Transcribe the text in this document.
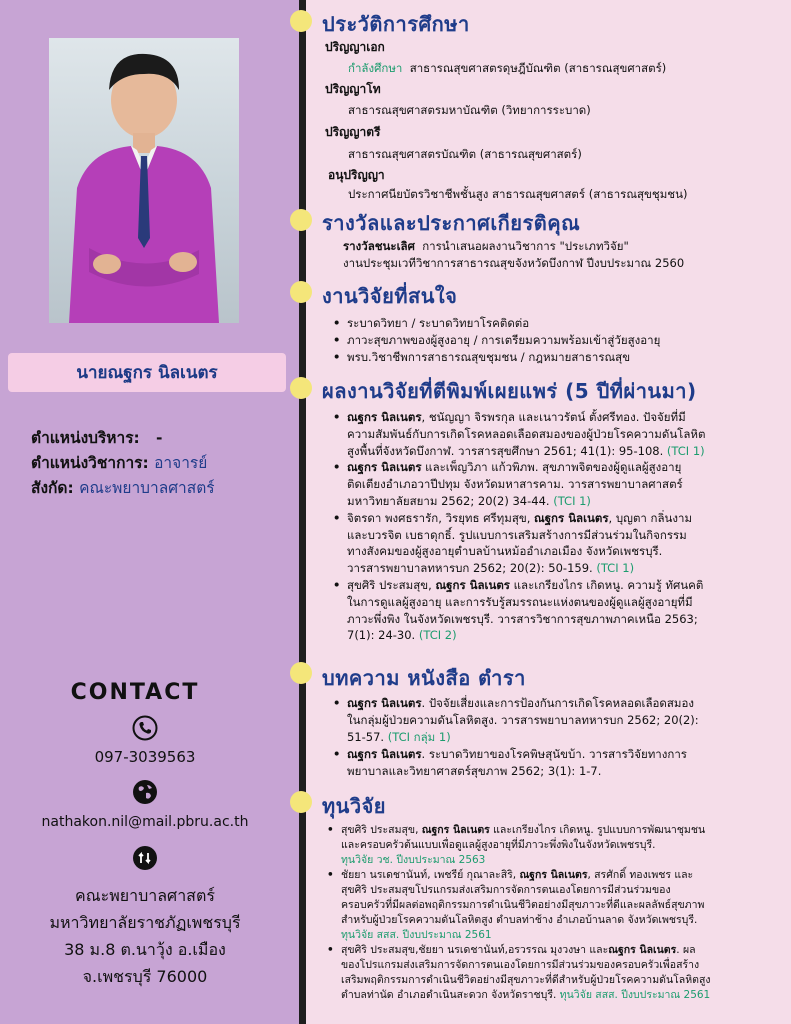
นายณฐกร นิลเนตร
ตำแหน่งบริหาร: -
ตำแหน่งวิชาการ: อาจารย์
สังกัด: คณะพยาบาลศาสตร์
CONTACT
097-3039563
nathakon.nil@mail.pbru.ac.th
คณะพยาบาลศาสตร์
มหาวิทยาลัยราชภัฏเพชรบุรี
38 ม.8 ต.นาวุ้ง อ.เมือง
จ.เพชรบุรี 76000
ประวัติการศึกษา
ปริญญาเอก
กำลังศึกษา สาธารณสุขศาสตรดุษฎีบัณฑิต (สาธารณสุขศาสตร์)
ปริญญาโท
สาธารณสุขศาสตรมหาบัณฑิต (วิทยาการระบาด)
ปริญญาตรี
สาธารณสุขศาสตรบัณฑิต (สาธารณสุขศาสตร์)
อนุปริญญา
ประกาศนียบัตรวิชาชีพชั้นสูง สาธารณสุขศาสตร์ (สาธารณสุขชุมชน)
รางวัลและประกาศเกียรติคุณ
รางวัลชนะเลิศ การนำเสนอผลงานวิชาการ "ประเภทวิจัย"
งานประชุมเวทีวิชาการสาธารณสุขจังหวัดบึงกาฬ ปีงบประมาณ 2560
งานวิจัยที่สนใจ
• ระบาดวิทยา / ระบาดวิทยาโรคติดต่อ
• ภาวะสุขภาพของผู้สูงอายุ / การเตรียมความพร้อมเข้าสู่วัยสูงอายุ
• พรบ.วิชาชีพการสาธารณสุขชุมชน / กฎหมายสาธารณสุข
ผลงานวิจัยที่ตีพิมพ์เผยแพร่ (5 ปีที่ผ่านมา)
• ณฐกร นิลเนตร, ชนัญญา จิรพรกุล และเนาวรัตน์ ตั้งศรีทอง. ปัจจัยที่มี
ความสัมพันธ์กับการเกิดโรคหลอดเลือดสมองของผู้ป่วยโรคความดันโลหิต
สูงพื้นที่จังหวัดบึงกาฬ. วารสารสุขศึกษา 2561; 41(1): 95-108. (TCI 1)
• ณฐกร นิลเนตร และเพ็ญวิภา แก้วพิภพ. สุขภาพจิตของผู้ดูแลผู้สูงอายุ
ติดเตียงอำเภอวาปีปทุม จังหวัดมหาสารคาม. วารสารพยาบาลศาสตร์
มหาวิทยาลัยสยาม 2562; 20(2) 34-44. (TCI 1)
• จิตรดา พงศธรารัก, วิรยุทธ ศรีทุมสุข, ณฐกร นิลเนตร, บุญตา กลิ่นงาม
และบวรจิต เบธาดุกธิ์. รูปแบบการเสริมสร้างการมีส่วนร่วมในกิจกรรม
ทางสังคมของผู้สูงอายุตำบลบ้านหม้ออำเภอเมือง จังหวัดเพชรบุรี.
วารสารพยาบาลทหารบก 2562; 20(2): 50-159. (TCI 1)
• สุขศิริ ประสมสุข, ณฐกร นิลเนตร และเกรียงไกร เกิดหนู. ความรู้ ทัศนคติ
ในการดูแลผู้สูงอายุ และการรับรู้สมรรถนะแห่งตนของผู้ดูแลผู้สูงอายุที่มี
ภาวะพึ่งพิง ในจังหวัดเพชรบุรี. วารสารวิชาการสุขภาพภาคเหนือ 2563;
7(1): 24-30. (TCI 2)
บทความ หนังสือ ตำรา
• ณฐกร นิลเนตร. ปัจจัยเสี่ยงและการป้องกันการเกิดโรคหลอดเลือดสมอง
ในกลุ่มผู้ป่วยความดันโลหิตสูง. วารสารพยาบาลทหารบก 2562; 20(2):
51-57. (TCI กลุ่ม 1)
• ณฐกร นิลเนตร. ระบาดวิทยาของโรคพิษสุนัขบ้า. วารสารวิจัยทางการ
พยาบาลและวิทยาศาสตร์สุขภาพ 2562; 3(1): 1-7.
ทุนวิจัย
• สุขศิริ ประสมสุข, ณฐกร นิลเนตร และเกรียงไกร เกิดหนู. รูปแบบการพัฒนาชุมชน
และครอบครัวต้นแบบเพื่อดูแลผู้สูงอายุที่มีภาวะพึ่งพิงในจังหวัดเพชรบุรี.
ทุนวิจัย วช. ปีงบประมาณ 2563
• ชัยยา นรเดชานันท์, เพชรีย์ กุณาละสิริ, ณฐกร นิลเนตร, สรศักดิ์ ทองเพชร และ
สุขศิริ ประสมสุขโปรแกรมส่งเสริมการจัดการตนเองโดยการมีส่วนร่วมของ
ครอบครัวที่มีผลต่อพฤติกรรมการดำเนินชีวิตอย่างมีสุขภาวะที่ดีและผลลัพธ์สุขภาพ
สำหรับผู้ป่วยโรคความดันโลหิตสูง ตำบลท่าช้าง อำเภอบ้านลาด จังหวัดเพชรบุรี.
ทุนวิจัย สสส. ปีงบประมาณ 2561
• สุขศิริ ประสมสุข,ชัยยา นรเดชานันท์,อรวรรณ มุงวงษา และณฐกร นิลเนตร. ผล
ของโปรแกรมส่งเสริมการจัดการตนเองโดยการมีส่วนร่วมของครอบครัวเพื่อสร้าง
เสริมพฤติกรรมการดำเนินชีวิตอย่างมีสุขภาวะที่ดีสำหรับผู้ป่วยโรคความดันโลหิตสูง
ตำบลท่านัด อำเภอดำเนินสะดวก จังหวัดราชบุรี. ทุนวิจัย สสส. ปีงบประมาณ 2561
